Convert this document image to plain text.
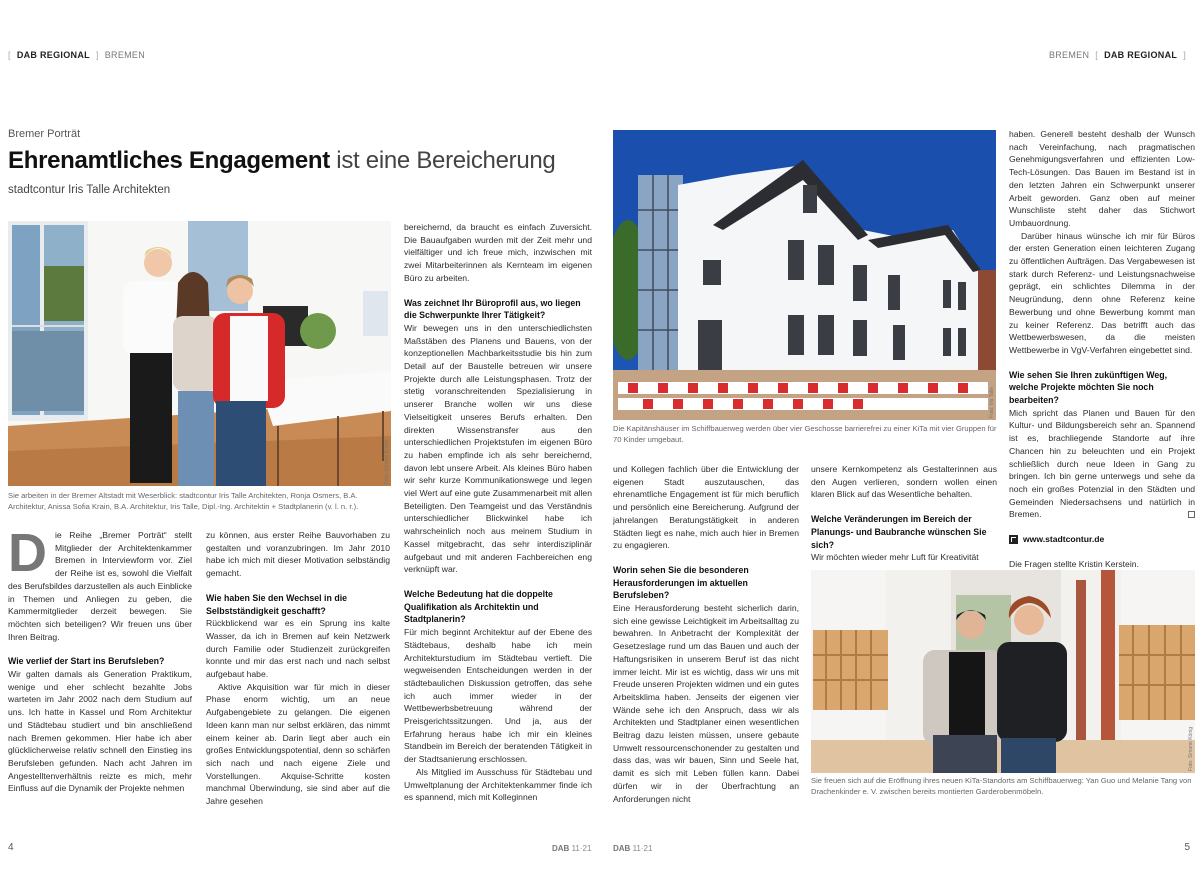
[ DAB REGIONAL ] BREMEN
Bremer Porträt
Ehrenamtliches Engagement ist eine Bereicherung
stadtcontur Iris Talle Architekten
Foto: Simone Krohn
Sie arbeiten in der Bremer Altstadt mit Weserblick: stadtcontur Iris Talle Architekten, Ronja Osmers, B.A. Architektur, Anissa Sofia Krain, B.A. Architektur, Iris Talle, Dipl.-Ing. Architektin + Stadtplanerin (v. l. n. r.).

Die Reihe „Bremer Porträt“ stellt Mitglieder der Architektenkammer Bremen in Interviewform vor. Ziel der Reihe ist es, sowohl die Vielfalt des Berufsbildes darzustellen als auch Einblicke in Themen und Anliegen zu geben, die Kammermitglieder derzeit bewegen. Sie möchten sich beteiligen? Wir freuen uns über Ihren Beitrag.

Wie verlief der Start ins Berufsleben?

Wir galten damals als Generation Praktikum, wenige und eher schlecht bezahlte Jobs warteten im Jahr 2002 nach dem Studium auf uns. Ich hatte in Kassel und Rom Architektur und Städtebau studiert und bin anschließend nach Bremen gekommen. Hier habe ich aber glücklicherweise relativ schnell den Einstieg ins Berufsleben gefunden. Nach acht Jahren im Angestelltenverhältnis reizte es mich, mehr Einfluss auf die Dynamik der Projekte nehmen

zu können, aus erster Reihe Bauvorhaben zu gestalten und voranzubringen. Im Jahr 2010 habe ich mich mit dieser Motivation selbständig gemacht.

Wie haben Sie den Wechsel in die Selbstständigkeit geschafft?

Rückblickend war es ein Sprung ins kalte Wasser, da ich in Bremen auf kein Netzwerk durch Familie oder Studienzeit zurückgreifen konnte und mir das erst nach und nach selbst aufgebaut habe.

Aktive Akquisition war für mich in dieser Phase enorm wichtig, um an neue Aufgabengebiete zu gelangen. Die eigenen Ideen kann man nur selbst erklären, das nimmt einem keiner ab. Darin liegt aber auch ein großes Entwicklungspotential, denn so schärfen sich nach und nach eigene Ziele und Vorstellungen. Akquise-Schritte kosten manchmal Überwindung, sie sind aber auf die Jahre gesehen

bereichernd, da braucht es einfach Zuversicht. Die Bauaufgaben wurden mit der Zeit mehr und vielfältiger und ich freue mich, inzwischen mit zwei Mitarbeiterinnen als Kernteam im eigenen Büro zu arbeiten.

Was zeichnet Ihr Büroprofil aus, wo liegen die Schwerpunkte Ihrer Tätigkeit?

Wir bewegen uns in den unterschiedlichsten Maßstäben des Planens und Bauens, von der konzeptionellen Machbarkeitsstudie bis hin zum Detail auf der Baustelle betreuen wir unsere Projekte durch alle Leistungsphasen. Trotz der stetig voranschreitenden Spezialisierung in unserer Branche wollen wir uns diese Vielseitigkeit unseres Berufs erhalten. Den direkten Wissenstransfer aus den unterschiedlichen Projektstufen im eigenen Büro zu haben empfinde ich als sehr bereichernd, davon lebt unsere Arbeit. Als kleines Büro haben wir sehr kurze Kommunikationswege und legen viel Wert auf eine gute Zusammenarbeit mit allen Beteiligten. Den Teamgeist und das Verständnis unterschiedlicher Blickwinkel habe ich wahrscheinlich noch aus meinem Studium in Kassel mitgebracht, das sehr interdisziplinär aufgebaut und mit anderen Fachbereichen eng verknüpft war.

Welche Bedeutung hat die doppelte Qualifikation als Architektin und Stadtplanerin?

Für mich beginnt Architektur auf der Ebene des Städtebaus, deshalb habe ich mein Architekturstudium im Städtebau vertieft. Die wegweisenden Entscheidungen werden in der städtebaulichen Diskussion getroffen, das sehe ich auch immer wieder in der Wettbewerbsbetreuung während der Preisgerichtssitzungen. Und ja, aus der Erfahrung heraus habe ich mir ein kleines Standbein im Bereich der beratenden Tätigkeit in der Stadtsanierung erschlossen.

Als Mitglied im Ausschuss für Städtebau und Umweltplanung der Architektenkammer finde ich es spannend, mich mit Kolleginnen

4	DAB 11·21
BREMEN [ DAB REGIONAL ]
Foto: Iris Talle
Die Kapitänshäuser im Schiffbauerweg werden über vier Geschosse barrierefrei zu einer KiTa mit vier Gruppen für 70 Kinder umgebaut.

und Kollegen fachlich über die Entwicklung der eigenen Stadt auszutauschen, das ehrenamtliche Engagement ist für mich beruflich und persönlich eine Bereicherung. Aufgrund der jahrelangen Beratungstätigkeit in anderen Städten liegt es nahe, mich auch hier in Bremen zu engagieren.

Worin sehen Sie die besonderen Herausforderungen im aktuellen Berufsleben?

Eine Herausforderung besteht sicherlich darin, sich eine gewisse Leichtigkeit im Arbeitsalltag zu bewahren. In Anbetracht der Komplexität der Gesetzeslage rund um das Bauen und auch der Haftungsrisiken in unserem Beruf ist das nicht immer leicht. Mir ist es wichtig, dass wir uns mit Freude unseren Projekten widmen und ein gutes Arbeitsklima haben. Jenseits der eigenen vier Wände sehe ich den Anspruch, dass wir als Architekten und Stadtplaner einen wesentlichen Beitrag dazu leisten müssen, unsere gebaute Umwelt ressourcenschonender zu gestalten und dass das, was wir bauen, Sinn und Seele hat, damit es sich mit Leben füllen kann. Dabei dürfen wir in der Überfrachtung an Anforderungen nicht

unsere Kernkompetenz als Gestalterinnen aus den Augen verlieren, sondern wollen einen klaren Blick auf das Wesentliche behalten.

Welche Veränderungen im Bereich der Planungs- und Baubranche wünschen Sie sich?

Wir möchten wieder mehr Luft für Kreativität

haben. Generell besteht deshalb der Wunsch nach Vereinfachung, nach pragmatischen Genehmigungsverfahren und effizienten Low-Tech-Lösungen. Das Bauen im Bestand ist in den letzten Jahren ein Schwerpunkt unserer Arbeit geworden. Ganz oben auf meiner Wunschliste steht daher das Stichwort Umbauordnung.

Darüber hinaus wünsche ich mir für Büros der ersten Generation einen leichteren Zugang zu öffentlichen Aufträgen. Das Vergabewesen ist stark durch Referenz- und Leistungsnachweise geprägt, ein schlichtes Dilemma in der Neugründung, denn ohne Referenz keine Bewerbung und ohne Bewerbung kommt man zu keiner Referenz. Das betrifft auch das Wettbewerbswesen, da die meisten Wettbewerbe in VgV-Verfahren eingebettet sind.

Wie sehen Sie Ihren zukünftigen Weg, welche Projekte möchten Sie noch bearbeiten?

Mich spricht das Planen und Bauen für den Kultur- und Bildungsbereich sehr an. Spannend ist es, brachliegende Standorte auf ihre Chancen hin zu beleuchten und ein Projekt schließlich durch neue Ideen in Gang zu bringen. Ich bin gerne unterwegs und sehe da noch ein großes Potenzial in den Städten und Gemeinden Niedersachsens und natürlich in Bremen.

www.stadtcontur.de

Die Fragen stellte Kristin Kerstein.

Foto: Simone König
Sie freuen sich auf die Eröffnung ihres neuen KiTa-Standorts am Schiffbauerweg: Yan Guo und Melanie Tang von Drachenkinder e. V. zwischen bereits montierten Garderobenmöbeln.
DAB 11·21	5
